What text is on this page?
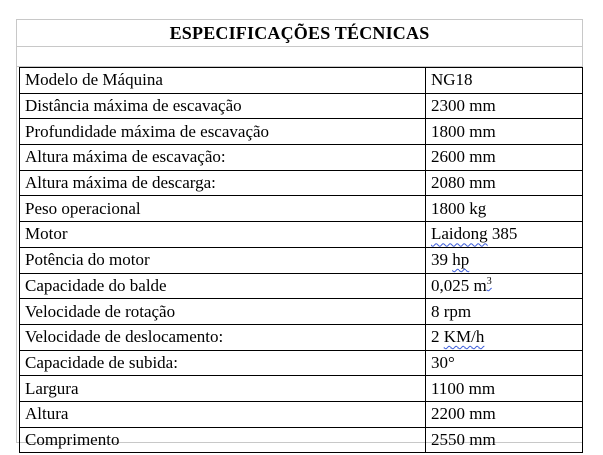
ESPECIFICAÇÕES TÉCNICAS
Modelo de Máquina	NG18
Distância máxima de escavação	2300 mm
Profundidade máxima de escavação	1800 mm
Altura máxima de escavação:	2600 mm
Altura máxima de descarga:	2080 mm
Peso operacional	1800 kg
Motor	Laidong 385
Potência do motor	39 hp
Capacidade do balde	0,025 $m^3$
Velocidade de rotação	8 rpm
Velocidade de deslocamento:	2 KM/h
Capacidade de subida:	30°
Largura	1100 mm
Altura	2200 mm
Comprimento	2550 mm
